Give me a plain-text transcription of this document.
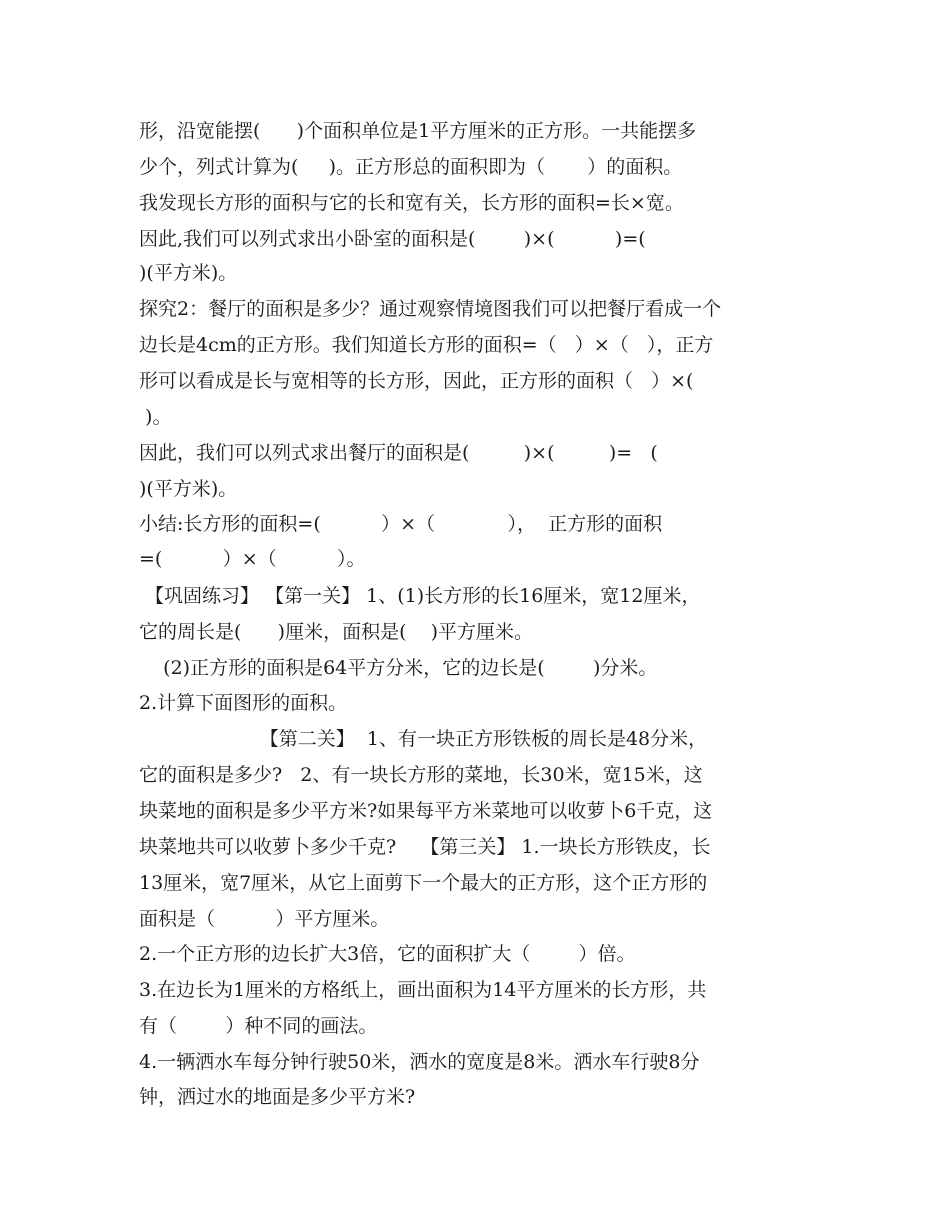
形，沿宽能摆(      )个面积单位是1平方厘米的正方形。一共能摆多
少个，列式计算为(     )。正方形总的面积即为（       ）的面积。
我发现长方形的面积与它的长和宽有关，长方形的面积=长×宽。
因此,我们可以列式求出小卧室的面积是(        )×(          )=(
)(平方米)。
探究2：餐厅的面积是多少？通过观察情境图我们可以把餐厅看成一个
边长是4cm的正方形。我们知道长方形的面积=（   ）×（   ），正方
形可以看成是长与宽相等的长方形，因此，正方形的面积（   ）×(
)。
因此，我们可以列式求出餐厅的面积是(         )×(         )=   (
)(平方米)。
小结:长方形的面积=(          ）×（            ），  正方形的面积
=(          ）×（          ）。
【巩固练习】 【第一关】 1、(1)长方形的长16厘米，宽12厘米，
它的周长是(      )厘米，面积是(    )平方厘米。
(2)正方形的面积是64平方分米，它的边长是(        )分米。
2.计算下面图形的面积。
【第二关】  1、有一块正方形铁板的周长是48分米，
它的面积是多少?   2、有一块长方形的菜地，长30米，宽15米，这
块菜地的面积是多少平方米?如果每平方米菜地可以收萝卜6千克，这
块菜地共可以收萝卜多少千克?    【第三关】 1.一块长方形铁皮，长
13厘米，宽7厘米，从它上面剪下一个最大的正方形，这个正方形的
面积是（          ）平方厘米。
2.一个正方形的边长扩大3倍，它的面积扩大（        ）倍。
3.在边长为1厘米的方格纸上，画出面积为14平方厘米的长方形，共
有（        ）种不同的画法。
4.一辆洒水车每分钟行驶50米，洒水的宽度是8米。洒水车行驶8分
钟，洒过水的地面是多少平方米?
